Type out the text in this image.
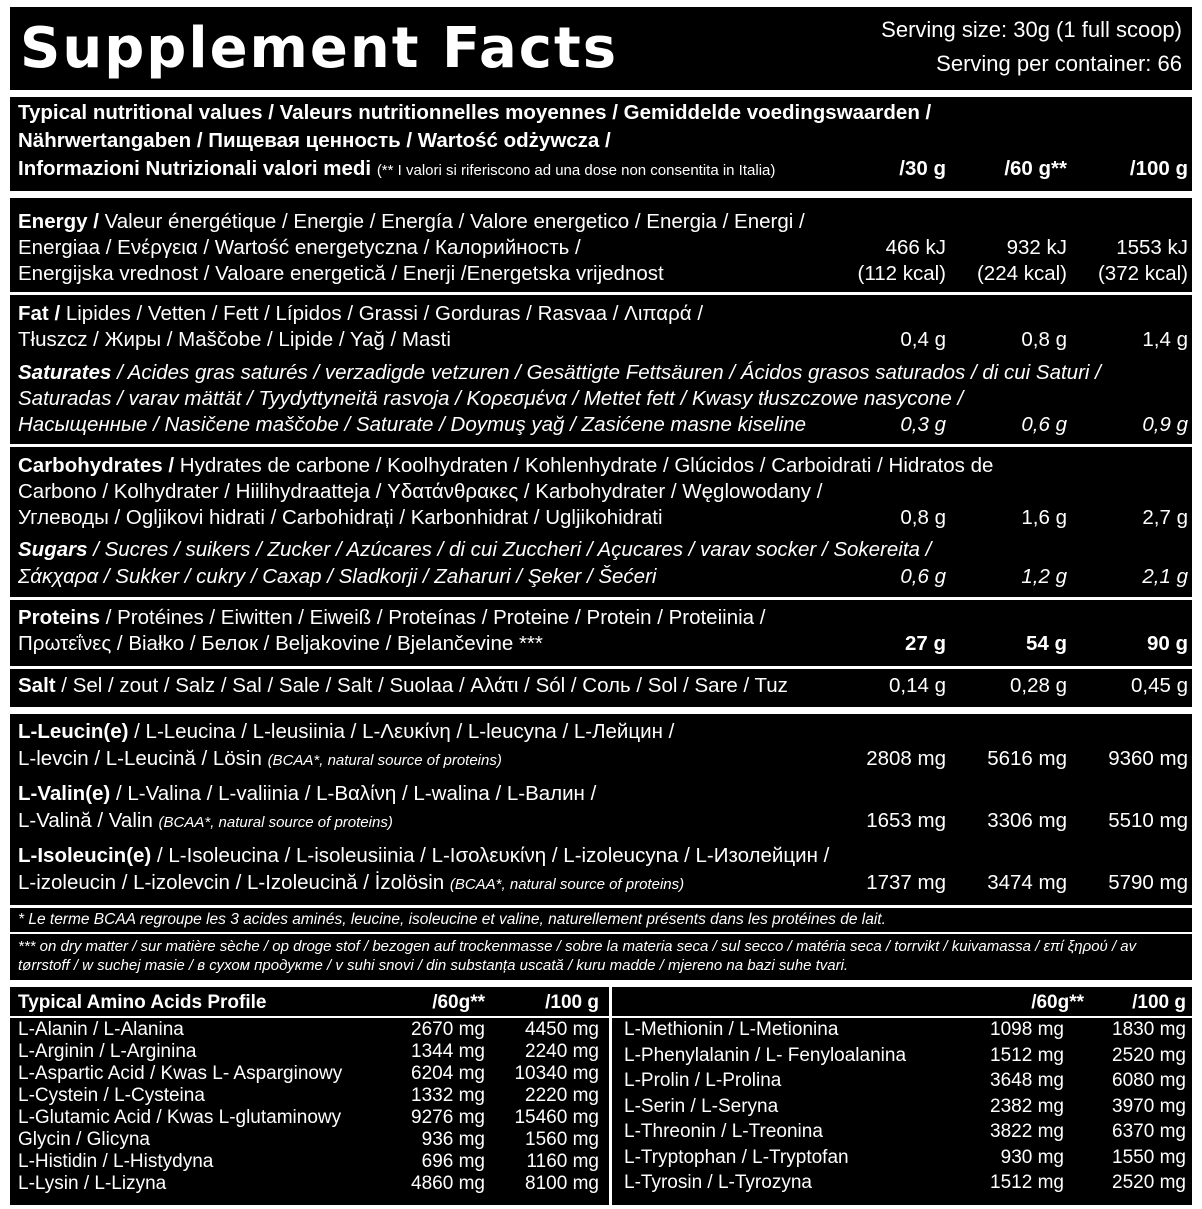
Supplement Facts	Serving size: 30g (1 full scoop)
Serving per container: 66
Typical nutritional values / Valeurs nutritionnelles moyennes / Gemiddelde voedingswaarden /
Nährwertangaben / Пищевая ценность / Wartość odżywcza /
Informazioni Nutrizionali valori medi (** I valori si riferiscono ad una dose non consentita in Italia)	/30 g	/60 g**	/100 g
Energy / Valeur énergétique / Energie / Energía / Valore energetico / Energia / Energi /
Energiaa / Ενέργεια / Wartość energetyczna / Калорийность /
Energijska vrednost / Valoare energetică / Enerji /Energetska vrijednost
466 kJ	932 kJ 1553 kJ
(112 kcal) (224 kcal) (372 kcal)
Fat / Lipides / Vetten / Fett / Lípidos / Grassi / Gorduras / Rasvaa / Λιπαρά /
Tłuszcz / Жиры / Maščobe / Lipide / Yağ / Masti	0,4 g	0,8 g	1,4 g
Saturates / Acides gras saturés / verzadigde vetzuren / Gesättigte Fettsäuren / Ácidos grasos saturados / di cui Saturi /
Saturadas / varav mättät / Tyydyttyneitä rasvoja / Κορεσμένα / Mettet fett / Kwasy tłuszczowe nasycone /
Насыщенные / Nasičene maščobe / Saturate / Doymuş yağ / Zasićene masne kiseline	0,3 g	0,6 g	0,9 g
Carbohydrates / Hydrates de carbone / Koolhydraten / Kohlenhydrate / Glúcidos / Carboidrati / Hidratos de
Carbono / Kolhydrater / Hiilihydraatteja / Υδατάνθρακες / Karbohydrater / Węglowodany /
Углеводы / Ogljikovi hidrati / Carbohidrați / Karbonhidrat / Ugljikohidrati	0,8 g	1,6 g	2,7 g
Sugars / Sucres / suikers / Zucker / Azúcares / di cui Zuccheri / Açucares / varav socker / Sokereita /
Σάκχαρα / Sukker / cukry / Caxap / Sladkorji / Zaharuri / Şeker / Šećeri	0,6 g	1,2 g	2,1 g
Proteins / Protéines / Eiwitten / Eiweiß / Proteínas / Proteine / Protein / Proteiinia /
Πρωτεΐνες / Białko / Белок / Beljakovine / Bjelančevine ***	27 g	54 g	90 g
Salt / Sel / zout / Salz / Sal / Sale / Salt / Suolaa / Αλάτι / Sól / Соль / Sol / Sare / Tuz	0,14 g	0,28 g	0,45 g
L-Leucin(e) / L-Leucina / L-leusiinia / L-Λευκίνη / L-leucyna / L-Лейцин /
L-levcin / L-Leucină / Lösin (BCAA*, natural source of proteins)	2808 mg 5616 mg 9360 mg
L-Valin(e) / L-Valina / L-valiinia / L-Βαλίνη / L-walina / L-Валин /
L-Valină / Valin (BCAA*, natural source of proteins)	1653 mg 3306 mg 5510 mg
L-Isoleucin(e) / L-Isoleucina / L-isoleusiinia / L-Ισολευκίνη / L-izoleucyna / L-Изолейцин /
L-izoleucin / L-izolevcin / L-Izoleucină / İzolösin (BCAA*, natural source of proteins)	1737 mg 3474 mg 5790 mg
* Le terme BCAA regroupe les 3 acides aminés, leucine, isoleucine et valine, naturellement présents dans les protéines de lait.
*** on dry matter / sur matière sèche / op droge stof / bezogen auf trockenmasse / sobre la materia seca / sul secco / matéria seca / torrvikt / kuivamassa / επί ξηρού / av
tørrstoff / w suchej masie / в сухом продукте / v suhi snovi / din substanța uscată / kuru madde / mjereno na bazi suhe tvari.
Typical Amino Acids Profile	/60g**	/100 g	/60g**	/100 g
L-Alanin / L-Alanina	2670 mg 4450 mg
L-Arginin / L-Arginina	1344 mg 2240 mg
L-Aspartic Acid / Kwas L- Asparginowy	6204 mg 10340 mg
L-Cystein / L-Cysteina	1332 mg 2220 mg
L-Glutamic Acid / Kwas L-glutaminowy	9276 mg 15460 mg
Glycin / Glicyna	936 mg 1560 mg
L-Histidin / L-Histydyna	696 mg 1160 mg
L-Lysin / L-Lizyna	4860 mg 8100 mg
L-Methionin / L-Metionina	1098 mg	1830 mg
L-Phenylalanin / L- Fenyloalanina	1512 mg	2520 mg
L-Prolin / L-Prolina	3648 mg	6080 mg
L-Serin / L-Seryna	2382 mg	3970 mg
L-Threonin / L-Treonina	3822 mg	6370 mg
L-Tryptophan / L-Tryptofan	930 mg	1550 mg
L-Tyrosin / L-Tyrozyna	1512 mg	2520 mg
